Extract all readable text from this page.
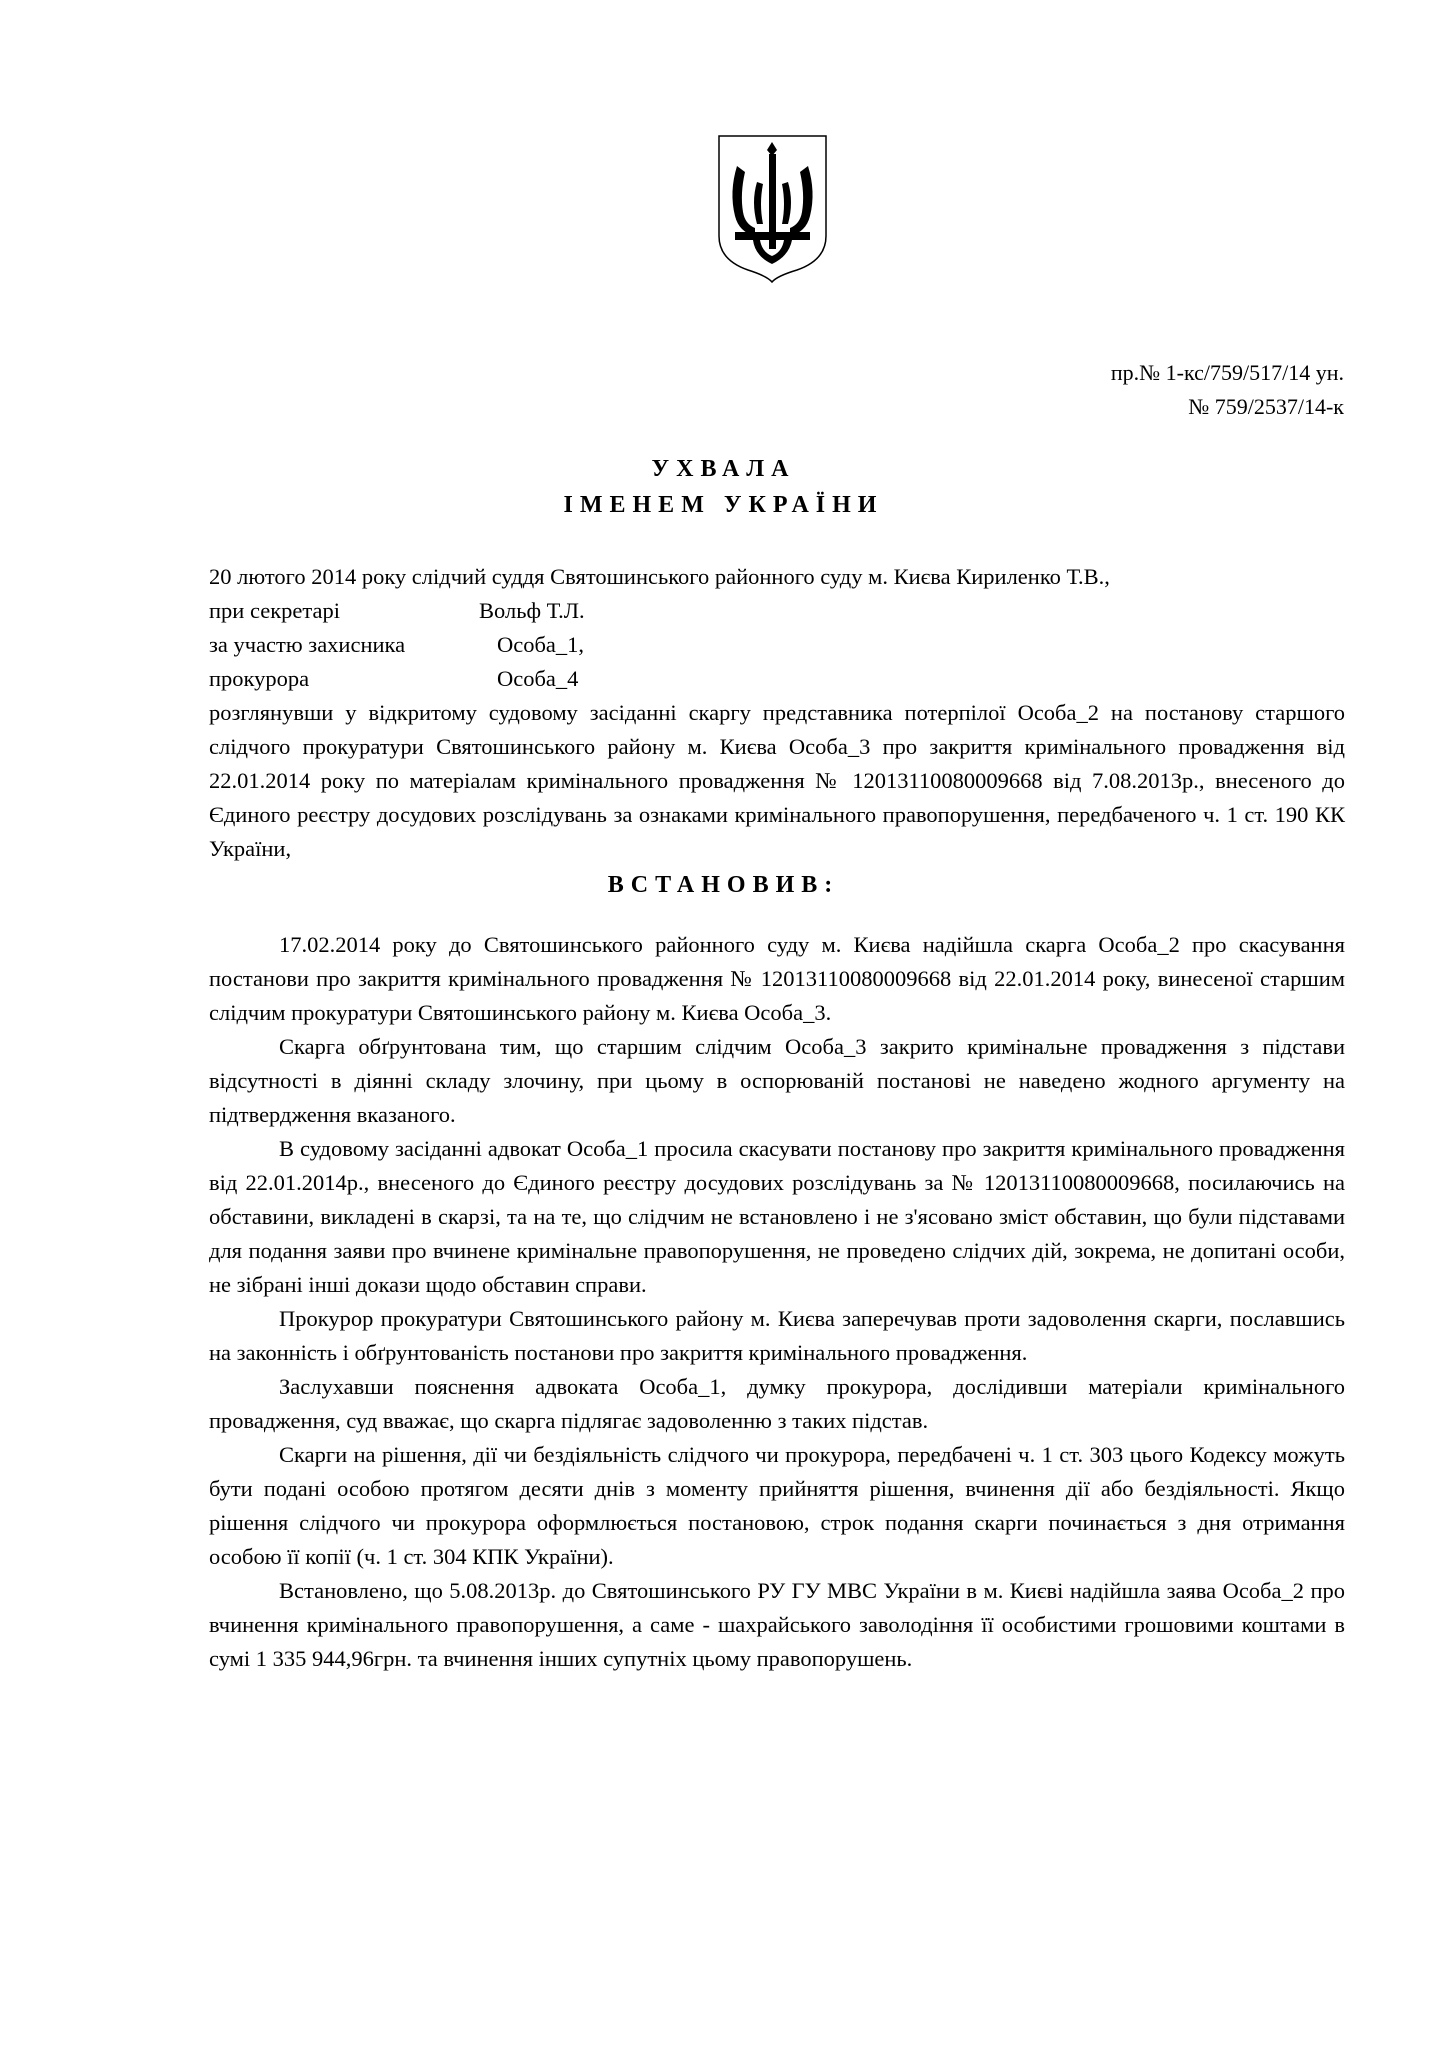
пр.№ 1-кс/759/517/14 ун.
№ 759/2537/14-к
УХВАЛА
ІМЕНЕМ УКРАЇНИ
20 лютого 2014 року слідчий суддя Святошинського районного суду м. Києва Кириленко Т.В.,
при секретарі	Вольф Т.Л.
за участю захисника	Особа_1,
прокурора	Особа_4
розглянувши у відкритому судовому засіданні скаргу представника потерпілої Особа_2 на постанову старшого слідчого прокуратури Святошинського району м. Києва Особа_3 про закриття кримінального провадження від 22.01.2014 року по матеріалам кримінального провадження № 12013110080009668 від 7.08.2013р., внесеного до Єдиного реєстру досудових розслідувань за ознаками кримінального правопорушення, передбаченого ч. 1 ст. 190 КК України,
ВСТАНОВИВ:

17.02.2014 року до Святошинського районного суду м. Києва надійшла скарга Особа_2 про скасування постанови про закриття кримінального провадження № 12013110080009668 від 22.01.2014 року, винесеної старшим слідчим прокуратури Святошинського району м. Києва Особа_3.

Скарга обґрунтована тим, що старшим слідчим Особа_3 закрито кримінальне провадження з підстави відсутності в діянні складу злочину, при цьому в оспорюваній постанові не наведено жодного аргументу на підтвердження вказаного.

В судовому засіданні адвокат Особа_1 просила скасувати постанову про закриття кримінального провадження від 22.01.2014р., внесеного до Єдиного реєстру досудових розслідувань за № 12013110080009668, посилаючись на обставини, викладені в скарзі, та на те, що слідчим не встановлено і не з'ясовано зміст обставин, що були підставами для подання заяви про вчинене кримінальне правопорушення, не проведено слідчих дій, зокрема, не допитані особи, не зібрані інші докази щодо обставин справи.

Прокурор прокуратури Святошинського району м. Києва заперечував проти задоволення скарги, пославшись на законність і обґрунтованість постанови про закриття кримінального провадження.

Заслухавши пояснення адвоката Особа_1, думку прокурора, дослідивши матеріали кримінального провадження, суд вважає, що скарга підлягає задоволенню з таких підстав.

Скарги на рішення, дії чи бездіяльність слідчого чи прокурора, передбачені ч. 1 ст. 303 цього Кодексу можуть бути подані особою протягом десяти днів з моменту прийняття рішення, вчинення дії або бездіяльності. Якщо рішення слідчого чи прокурора оформлюється постановою, строк подання скарги починається з дня отримання особою її копії (ч. 1 ст. 304 КПК України).

Встановлено, що 5.08.2013р. до Святошинського РУ ГУ МВС України в м. Києві надійшла заява Особа_2 про вчинення кримінального правопорушення, а саме - шахрайського заволодіння її особистими грошовими коштами в сумі 1 335 944,96грн. та вчинення інших супутніх цьому правопорушень.
